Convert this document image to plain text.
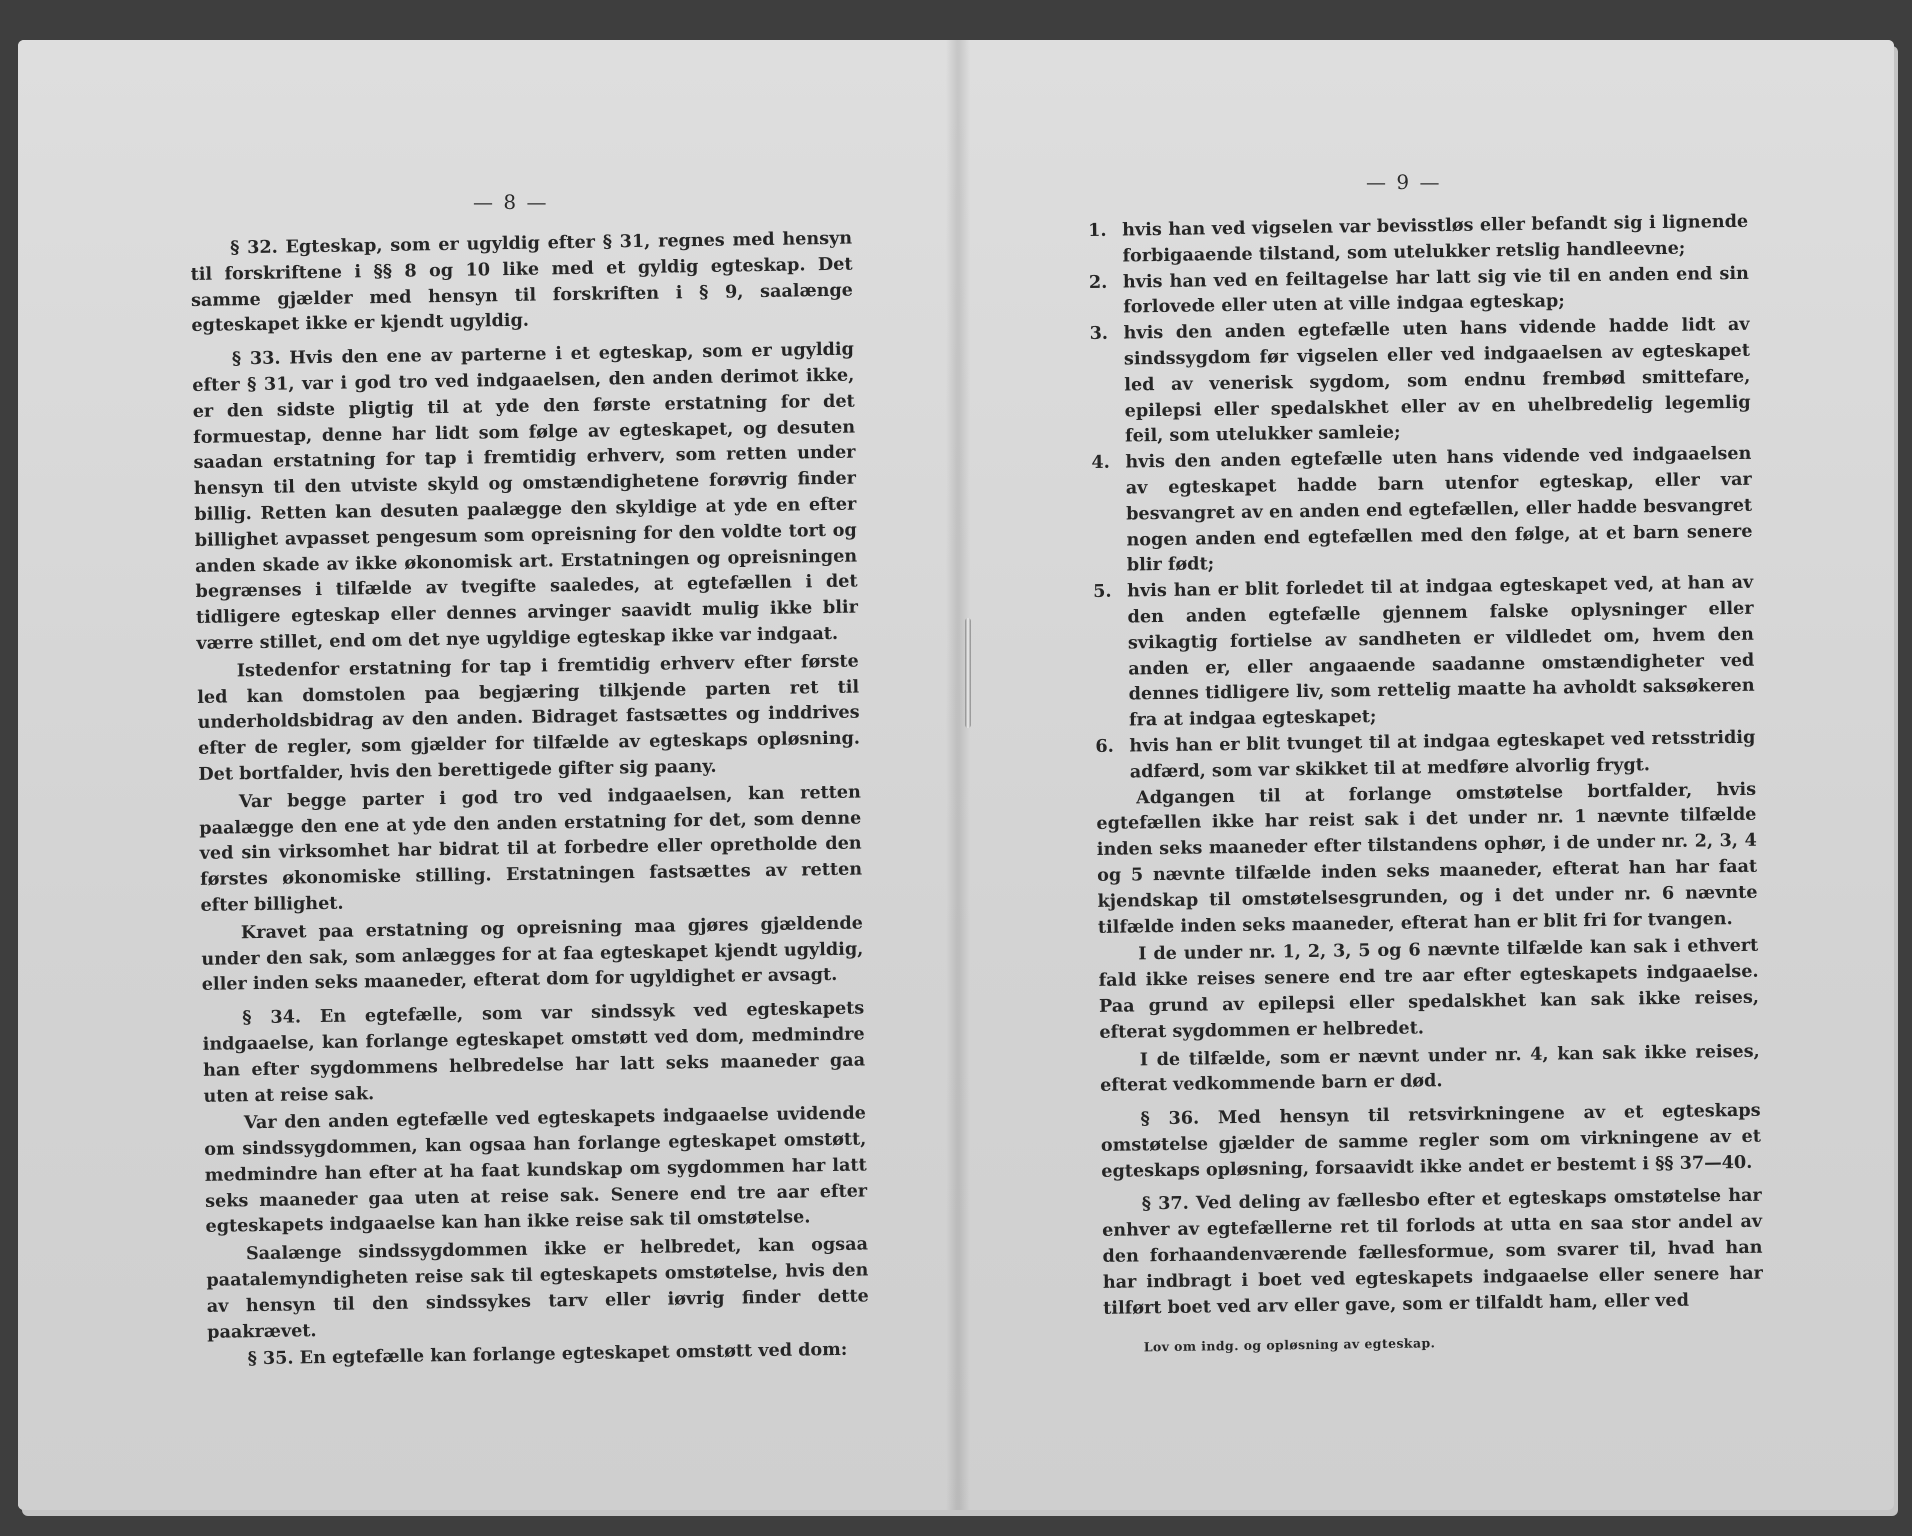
— 8 —
— 9 —

§ 32. Egteskap, som er ugyldig efter § 31, regnes med hensyn til forskriftene i §§ 8 og 10 like med et gyldig egteskap. Det samme gjælder med hensyn til forskriften i § 9, saalænge egteskapet ikke er kjendt ugyldig.

§ 33. Hvis den ene av parterne i et egteskap, som er ugyldig efter § 31, var i god tro ved indgaaelsen, den anden derimot ikke, er den sidste pligtig til at yde den første erstatning for det formuestap, denne har lidt som følge av egteskapet, og desuten saadan erstatning for tap i fremtidig erhverv, som retten under hensyn til den utviste skyld og omstændighetene forøvrig finder billig. Retten kan desuten paalægge den skyldige at yde en efter billighet avpasset pengesum som opreisning for den voldte tort og anden skade av ikke økonomisk art. Erstatningen og opreisningen begrænses i tilfælde av tvegifte saaledes, at egtefællen i det tidligere egteskap eller dennes arvinger saavidt mulig ikke blir værre stillet, end om det nye ugyldige egteskap ikke var indgaat.

Istedenfor erstatning for tap i fremtidig erhverv efter første led kan domstolen paa begjæring tilkjende parten ret til underholdsbidrag av den anden. Bidraget fastsættes og inddrives efter de regler, som gjælder for tilfælde av egteskaps opløsning. Det bortfalder, hvis den berettigede gifter sig paany.

Var begge parter i god tro ved indgaaelsen, kan retten paalægge den ene at yde den anden erstatning for det, som denne ved sin virksomhet har bidrat til at forbedre eller opretholde den førstes økonomiske stilling. Erstatningen fastsættes av retten efter billighet.

Kravet paa erstatning og opreisning maa gjøres gjældende under den sak, som anlægges for at faa egteskapet kjendt ugyldig, eller inden seks maaneder, efterat dom for ugyldighet er avsagt.

§ 34. En egtefælle, som var sindssyk ved egteskapets indgaaelse, kan forlange egteskapet omstøtt ved dom, medmindre han efter sygdommens helbredelse har latt seks maaneder gaa uten at reise sak.

Var den anden egtefælle ved egteskapets indgaaelse uvidende om sindssygdommen, kan ogsaa han forlange egteskapet omstøtt, medmindre han efter at ha faat kundskap om sygdommen har latt seks maaneder gaa uten at reise sak. Senere end tre aar efter egteskapets indgaaelse kan han ikke reise sak til omstøtelse.

Saalænge sindssygdommen ikke er helbredet, kan ogsaa paatalemyndigheten reise sak til egteskapets omstøtelse, hvis den av hensyn til den sindssykes tarv eller iøvrig finder dette paakrævet.

§ 35. En egtefælle kan forlange egteskapet omstøtt ved dom:

1. hvis han ved vigselen var bevisstløs eller befandt sig i lignende forbigaaende tilstand, som utelukker retslig handleevne;
2. hvis han ved en feiltagelse har latt sig vie til en anden end sin forlovede eller uten at ville indgaa egteskap;
3. hvis den anden egtefælle uten hans vidende hadde lidt av sindssygdom før vigselen eller ved indgaaelsen av egteskapet led av venerisk sygdom, som endnu frembød smittefare, epilepsi eller spedalskhet eller av en uhelbredelig legemlig feil, som utelukker samleie;
4. hvis den anden egtefælle uten hans vidende ved indgaaelsen av egteskapet hadde barn utenfor egteskap, eller var besvangret av en anden end egtefællen, eller hadde besvangret nogen anden end egtefællen med den følge, at et barn senere blir født;
5. hvis han er blit forledet til at indgaa egteskapet ved, at han av den anden egtefælle gjennem falske oplysninger eller svikagtig fortielse av sandheten er vildledet om, hvem den anden er, eller angaaende saadanne omstændigheter ved dennes tidligere liv, som rettelig maatte ha avholdt saksøkeren fra at indgaa egteskapet;
6. hvis han er blit tvunget til at indgaa egteskapet ved retsstridig adfærd, som var skikket til at medføre alvorlig frygt.

Adgangen til at forlange omstøtelse bortfalder, hvis egtefællen ikke har reist sak i det under nr. 1 nævnte tilfælde inden seks maaneder efter tilstandens ophør, i de under nr. 2, 3, 4 og 5 nævnte tilfælde inden seks maaneder, efterat han har faat kjendskap til omstøtelsesgrunden, og i det under nr. 6 nævnte tilfælde inden seks maaneder, efterat han er blit fri for tvangen.

I de under nr. 1, 2, 3, 5 og 6 nævnte tilfælde kan sak i ethvert fald ikke reises senere end tre aar efter egteskapets indgaaelse. Paa grund av epilepsi eller spedalskhet kan sak ikke reises, efterat sygdommen er helbredet.

I de tilfælde, som er nævnt under nr. 4, kan sak ikke reises, efterat vedkommende barn er død.

§ 36. Med hensyn til retsvirkningene av et egteskaps omstøtelse gjælder de samme regler som om virkningene av et egteskaps opløsning, forsaavidt ikke andet er bestemt i §§ 37—40.

§ 37. Ved deling av fællesbo efter et egteskaps omstøtelse har enhver av egtefællerne ret til forlods at utta en saa stor andel av den forhaandenværende fællesformue, som svarer til, hvad han har indbragt i boet ved egteskapets indgaaelse eller senere har tilført boet ved arv eller gave, som er tilfaldt ham, eller ved

Lov om indg. og opløsning av egteskap.
